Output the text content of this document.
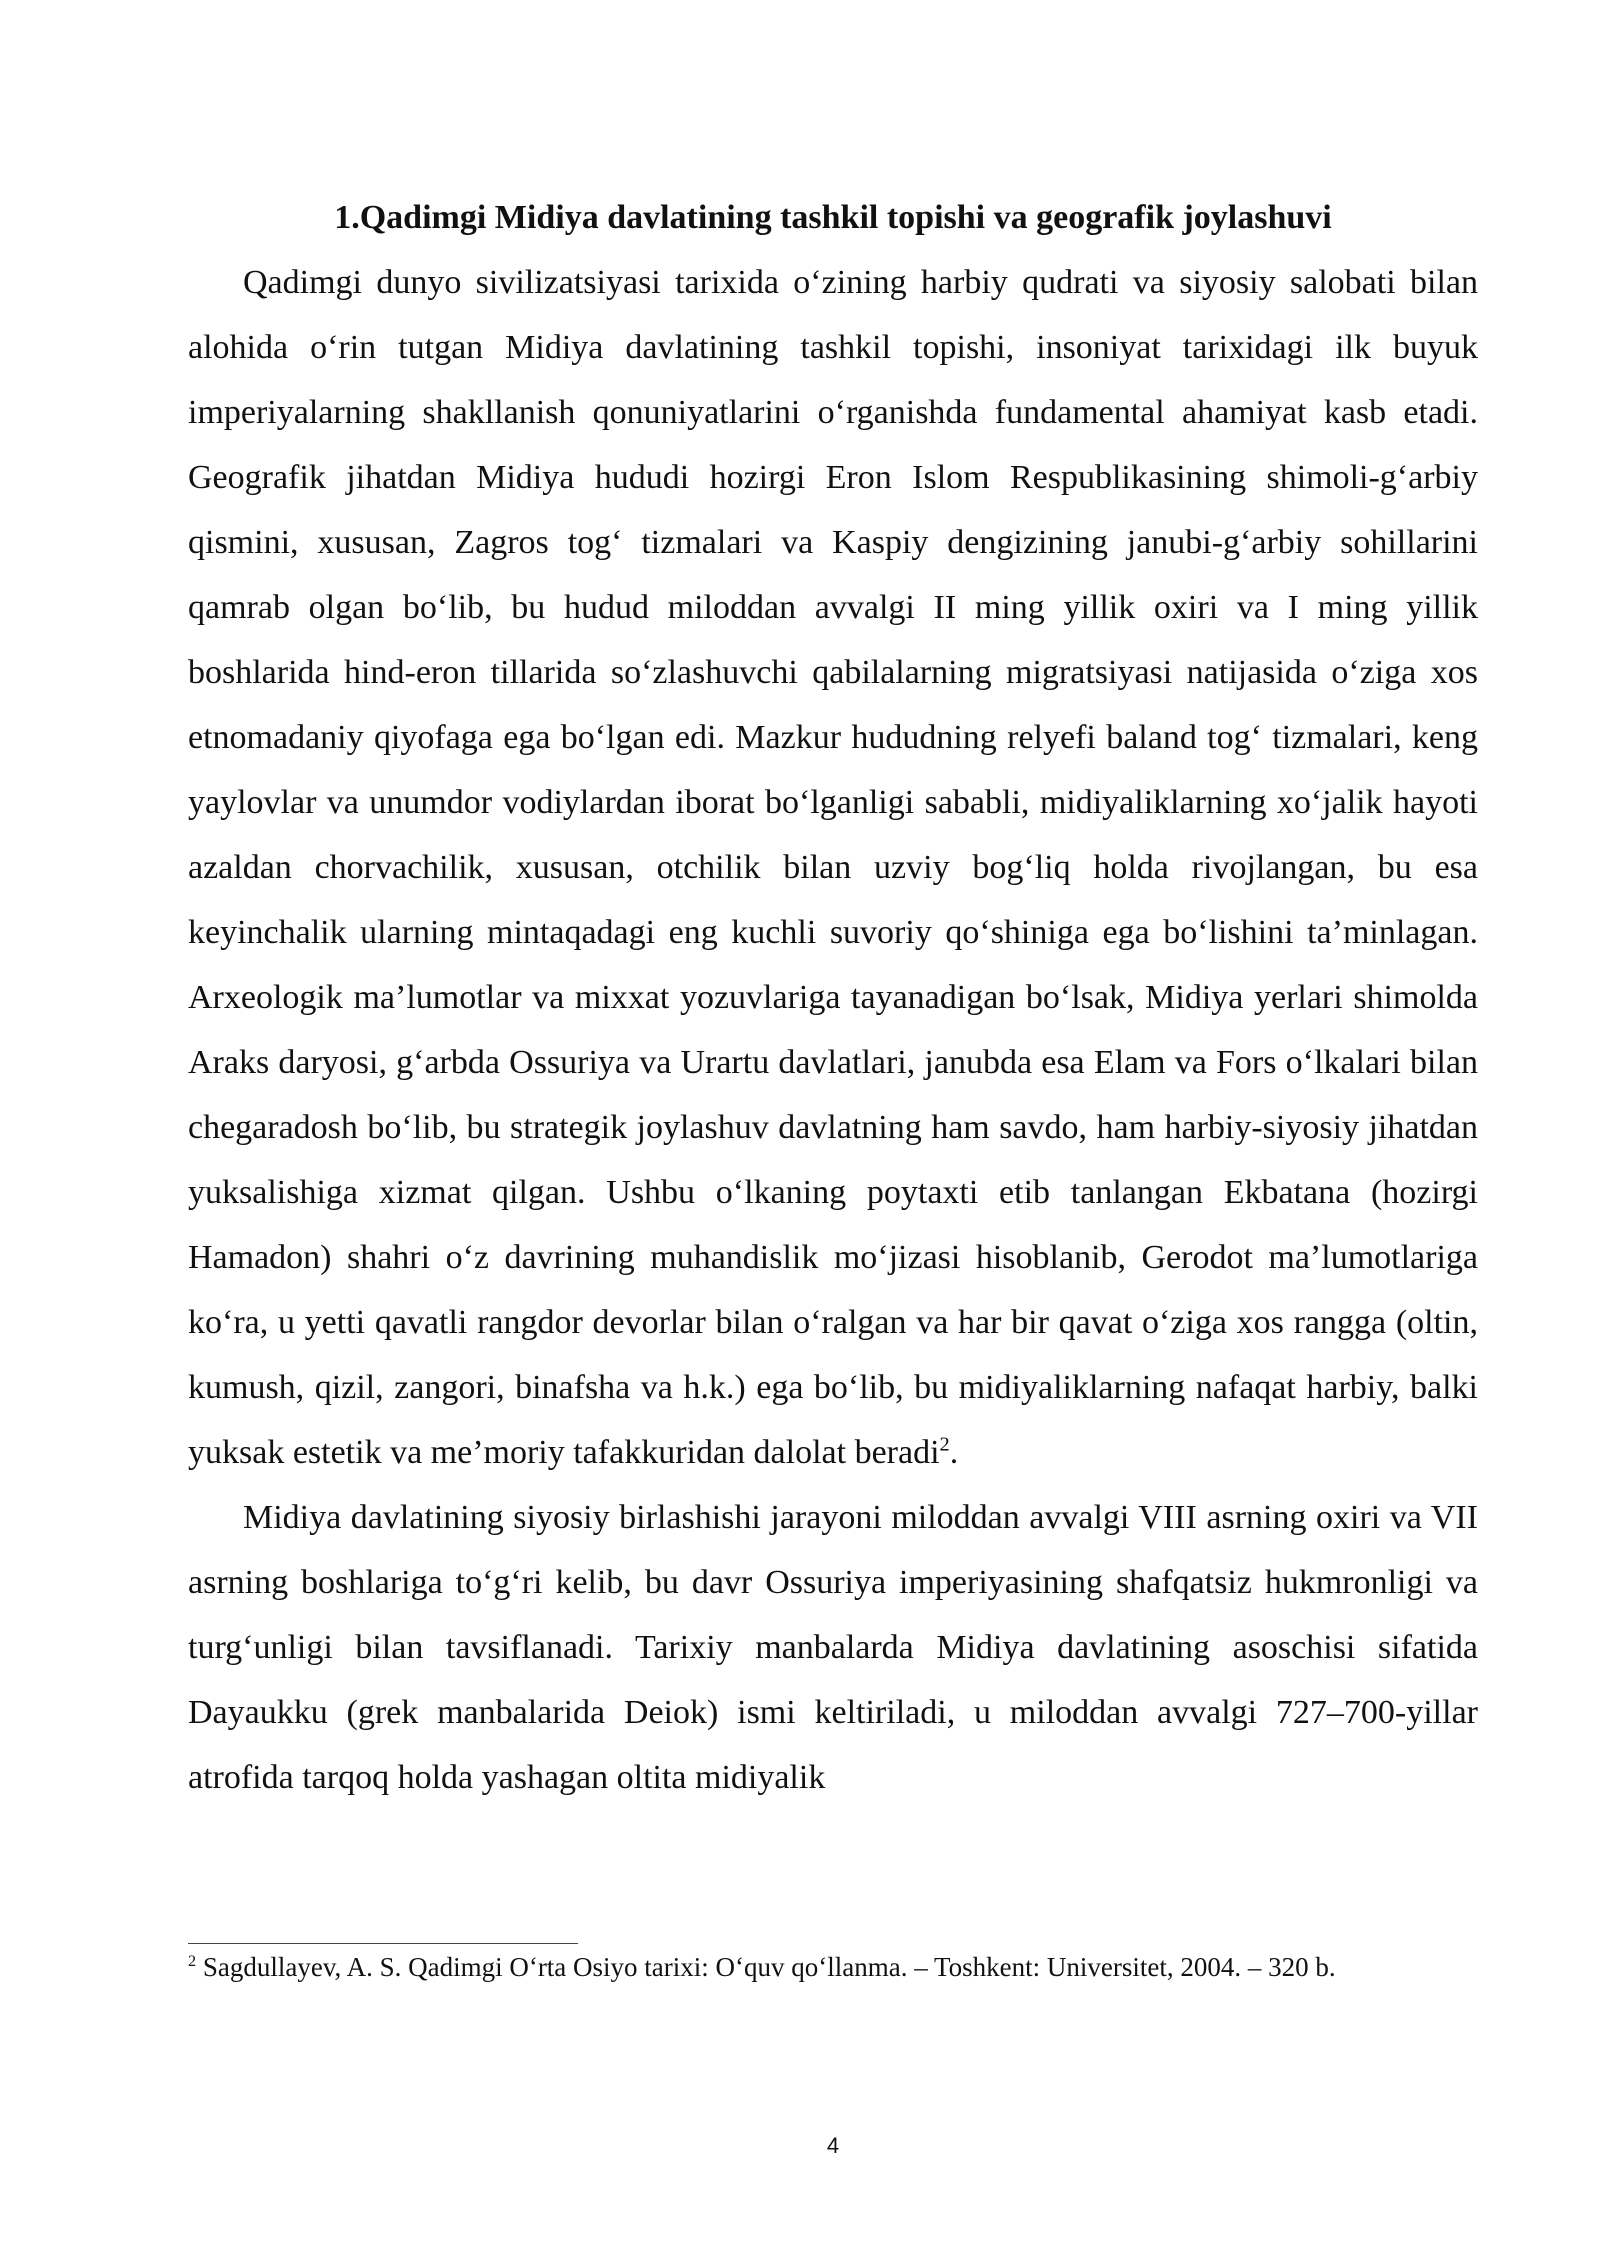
1.Qadimgi Midiya davlatining tashkil topishi va geografik joylashuvi

Qadimgi dunyo sivilizatsiyasi tarixida o‘zining harbiy qudrati va siyosiy salobati bilan alohida o‘rin tutgan Midiya davlatining tashkil topishi, insoniyat tarixidagi ilk buyuk imperiyalarning shakllanish qonuniyatlarini o‘rganishda fundamental ahamiyat kasb etadi. Geografik jihatdan Midiya hududi hozirgi Eron Islom Respublikasining shimoli-g‘arbiy qismini, xususan, Zagros tog‘ tizmalari va Kaspiy dengizining janubi-g‘arbiy sohillarini qamrab olgan bo‘lib, bu hudud miloddan avvalgi II ming yillik oxiri va I ming yillik boshlarida hind-eron tillarida so‘zlashuvchi qabilalarning migratsiyasi natijasida o‘ziga xos etnomadaniy qiyofaga ega bo‘lgan edi. Mazkur hududning relyefi baland tog‘ tizmalari, keng yaylovlar va unumdor vodiylardan iborat bo‘lganligi sababli, midiyaliklarning xo‘jalik hayoti azaldan chorvachilik, xususan, otchilik bilan uzviy bog‘liq holda rivojlangan, bu esa keyinchalik ularning mintaqadagi eng kuchli suvoriy qo‘shiniga ega bo‘lishini ta’minlagan. Arxeologik ma’lumotlar va mixxat yozuvlariga tayanadigan bo‘lsak, Midiya yerlari shimolda Araks daryosi, g‘arbda Ossuriya va Urartu davlatlari, janubda esa Elam va Fors o‘lkalari bilan chegaradosh bo‘lib, bu strategik joylashuv davlatning ham savdo, ham harbiy-siyosiy jihatdan yuksalishiga xizmat qilgan. Ushbu o‘lkaning poytaxti etib tanlangan Ekbatana (hozirgi Hamadon) shahri o‘z davrining muhandislik mo‘jizasi hisoblanib, Gerodot ma’lumotlariga ko‘ra, u yetti qavatli rangdor devorlar bilan o‘ralgan va har bir qavat o‘ziga xos rangga (oltin, kumush, qizil, zangori, binafsha va h.k.) ega bo‘lib, bu midiyaliklarning nafaqat harbiy, balki yuksak estetik va me’moriy tafakkuridan dalolat beradi$^2$.

Midiya davlatining siyosiy birlashishi jarayoni miloddan avvalgi VIII asrning oxiri va VII asrning boshlariga to‘g‘ri kelib, bu davr Ossuriya imperiyasining shafqatsiz hukmronligi va turg‘unligi bilan tavsiflanadi. Tarixiy manbalarda Midiya davlatining asoschisi sifatida Dayaukku (grek manbalarida Deiok) ismi keltiriladi, u miloddan avvalgi 727–700-yillar atrofida tarqoq holda yashagan oltita midiyalik

$^2$ Sagdullayev, A. S. Qadimgi O‘rta Osiyo tarixi: O‘quv qo‘llanma. – Toshkent: Universitet, 2004. – 320 b.

4
